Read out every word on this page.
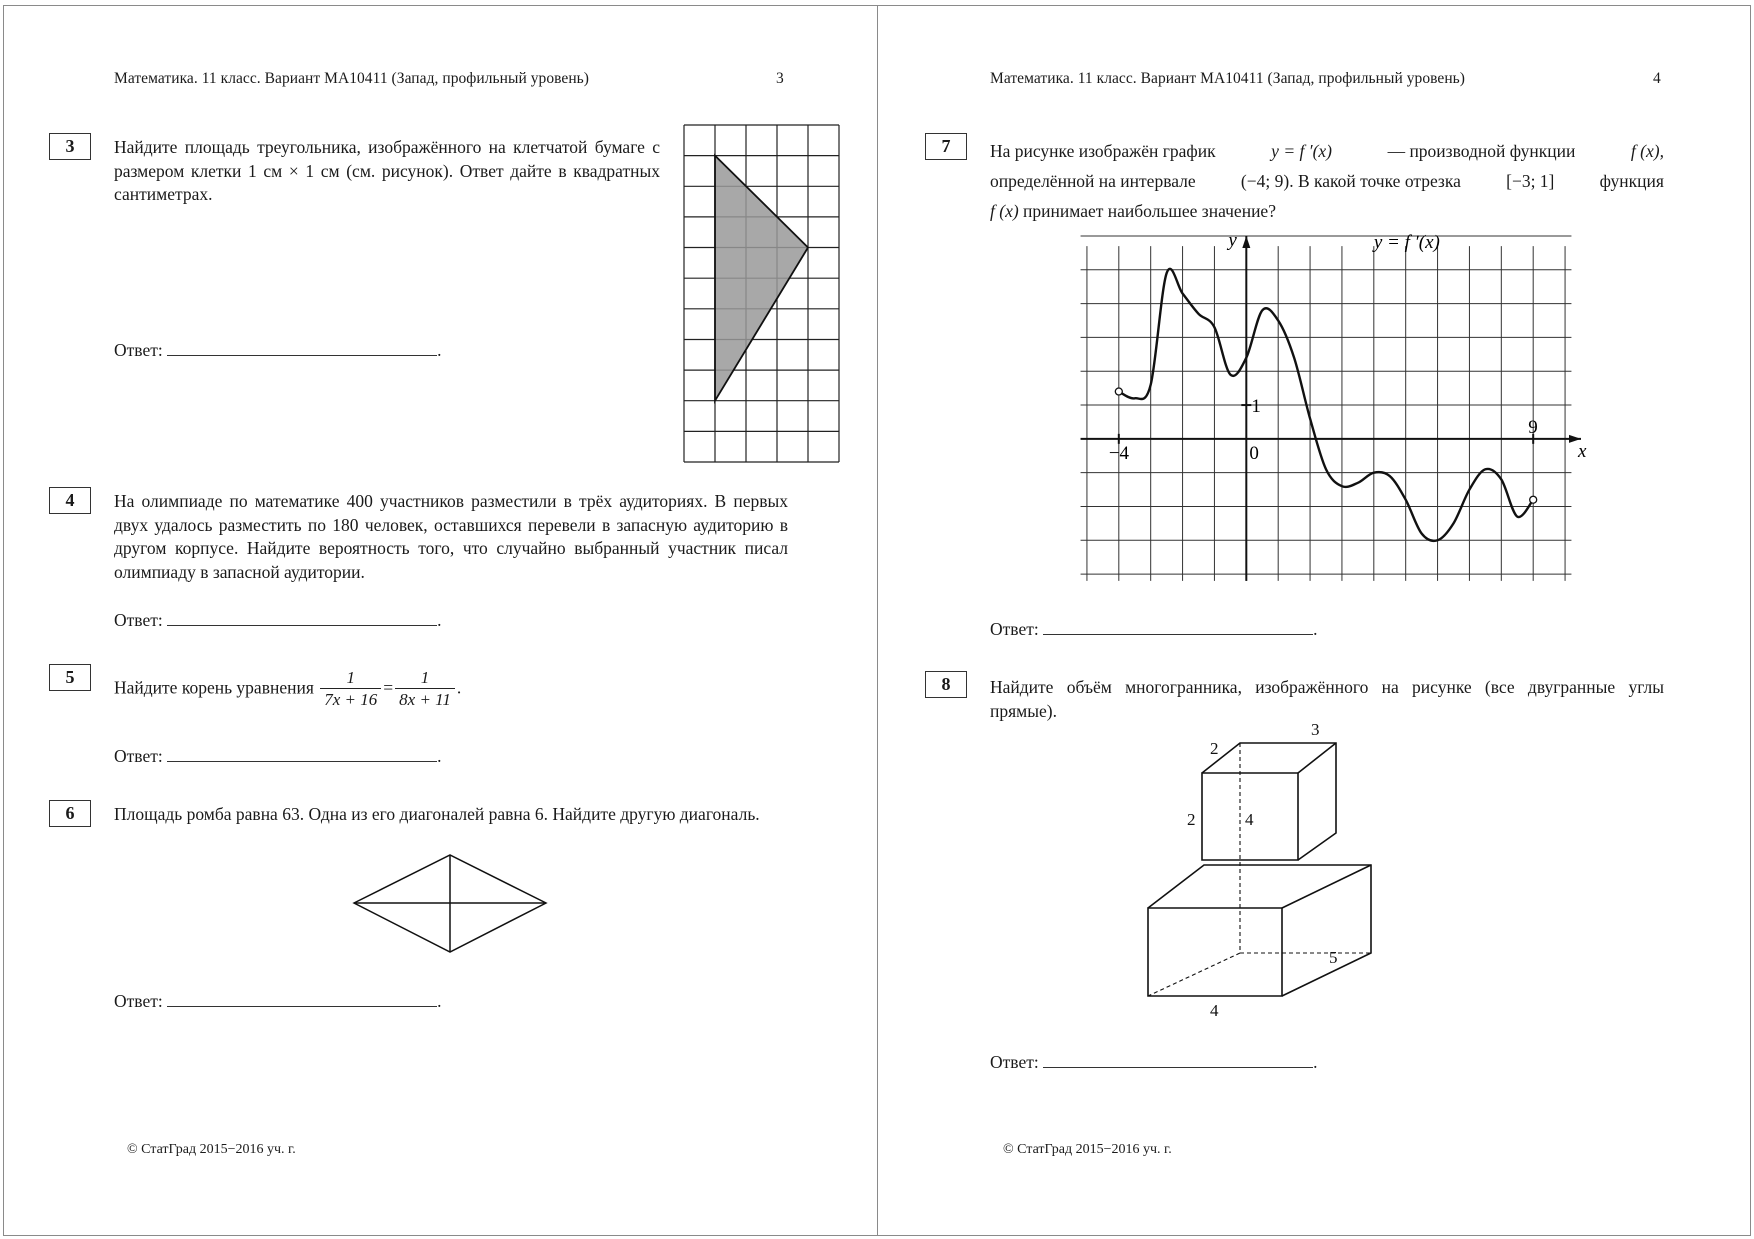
Математика. 11 класс. Вариант МА10411 (Запад, профильный уровень)	3
3	Найдите площадь треугольника, изображённого на клетчатой бумаге с размером клетки 1 см × 1 см (см. рисунок). Ответ дайте в квадратных сантиметрах.
Ответ:	.
4	На олимпиаде по математике 400 участников разместили в трёх аудиториях. В первых двух удалось разместить по 180 человек, оставшихся перевели в запасную аудиторию в другом корпусе. Найдите вероятность того, что случайно выбранный участник писал олимпиаду в запасной аудитории.
Ответ:	.
5
Найдите корень уравнения $\frac{1}{7x + 16} = \frac{1}{8x + 11}$ .
Ответ:	.
6	Площадь ромба равна 63. Одна из его диагоналей равна 6. Найдите другую диагональ.
Ответ:	.
© СтатГрад 2015−2016 уч. г.
Математика. 11 класс. Вариант МА10411 (Запад, профильный уровень)	4
7	На рисунке изображён график	y = f ′(x)	— производной функции	f (x),
определённой на интервале	(−4; 9). В какой точке отрезка	[−3; 1]	функция
f (x) принимает наибольшее значение?
x
y	y = f ′(x)
−4	0
9
1
Ответ:	.
8	Найдите объём многогранника, изображённого на рисунке (все двугранные углы прямые).
3
2
2	4
5
4
Ответ:	.
© СтатГрад 2015−2016 уч. г.
